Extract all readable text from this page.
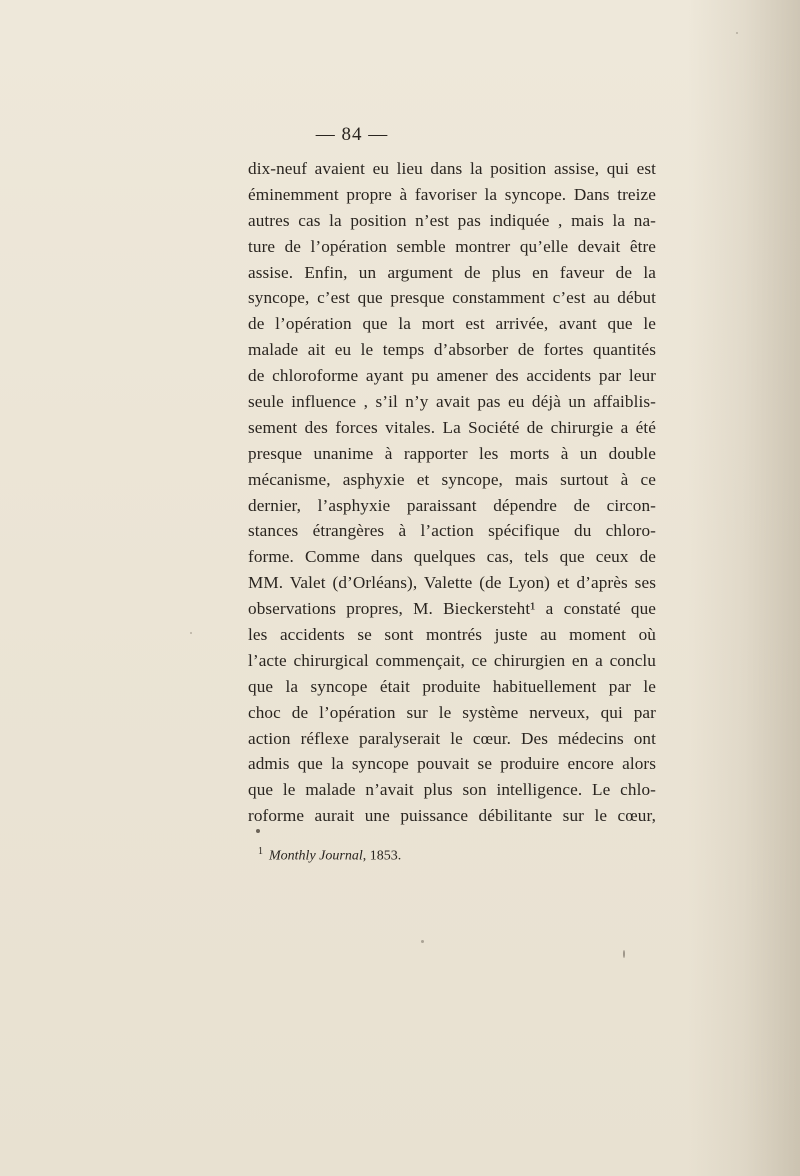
— 84 —
dix-neuf avaient eu lieu dans la position assise, qui est
éminemment propre à favoriser la syncope. Dans treize
autres cas la position n’est pas indiquée , mais la na-
ture de l’opération semble montrer qu’elle devait être
assise. Enfin, un argument de plus en faveur de la
syncope, c’est que presque constamment c’est au début
de l’opération que la mort est arrivée, avant que le
malade ait eu le temps d’absorber de fortes quantités
de chloroforme ayant pu amener des accidents par leur
seule influence , s’il n’y avait pas eu déjà un affaiblis-
sement des forces vitales. La Société de chirurgie a été
presque unanime à rapporter les morts à un double
mécanisme, asphyxie et syncope, mais surtout à ce
dernier, l’asphyxie paraissant dépendre de circon-
stances étrangères à l’action spécifique du chloro-
forme. Comme dans quelques cas, tels que ceux de
MM. Valet (d’Orléans), Valette (de Lyon) et d’après ses
observations propres, M. Bieckersteht¹ a constaté que
les accidents se sont montrés juste au moment où
l’acte chirurgical commençait, ce chirurgien en a conclu
que la syncope était produite habituellement par le
choc de l’opération sur le système nerveux, qui par
action réflexe paralyserait le cœur. Des médecins ont
admis que la syncope pouvait se produire encore alors
que le malade n’avait plus son intelligence. Le chlo-
roforme aurait une puissance débilitante sur le cœur,
$^1$ Monthly Journal, 1853.
